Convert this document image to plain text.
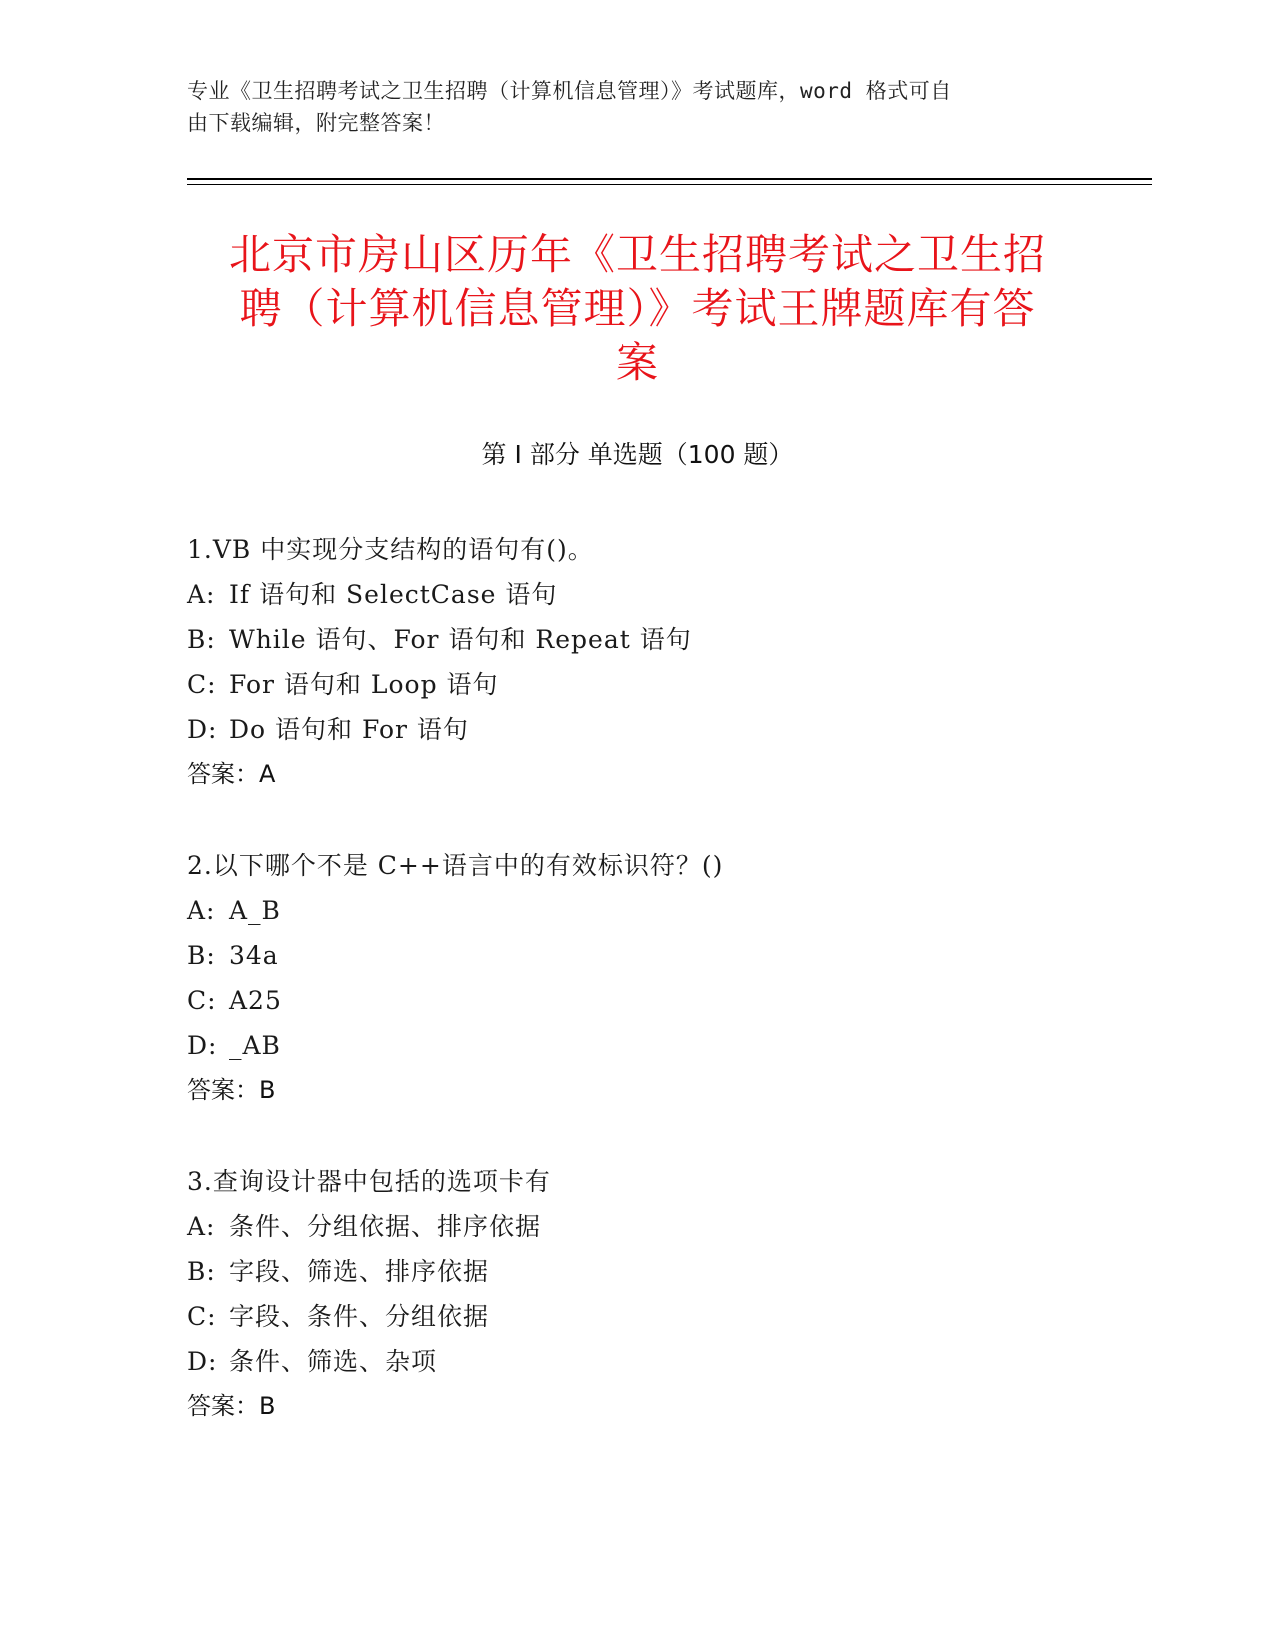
专业《卫生招聘考试之卫生招聘（计算机信息管理）》考试题库，word 格式可自
由下载编辑，附完整答案！
北京市房山区历年《卫生招聘考试之卫生招
聘（计算机信息管理）》考试王牌题库有答
案
第 I 部分 单选题（100 题）
1.VB 中实现分支结构的语句有()。
A: If 语句和 SelectCase 语句
B: While 语句、For 语句和 Repeat 语句
C: For 语句和 Loop 语句
D: Do 语句和 For 语句
答案：A
2.以下哪个不是 C++语言中的有效标识符？()
A: A_B
B: 34a
C: A25
D: _AB
答案：B
3.查询设计器中包括的选项卡有
A: 条件、分组依据、排序依据
B: 字段、筛选、排序依据
C: 字段、条件、分组依据
D: 条件、筛选、杂项
答案：B
